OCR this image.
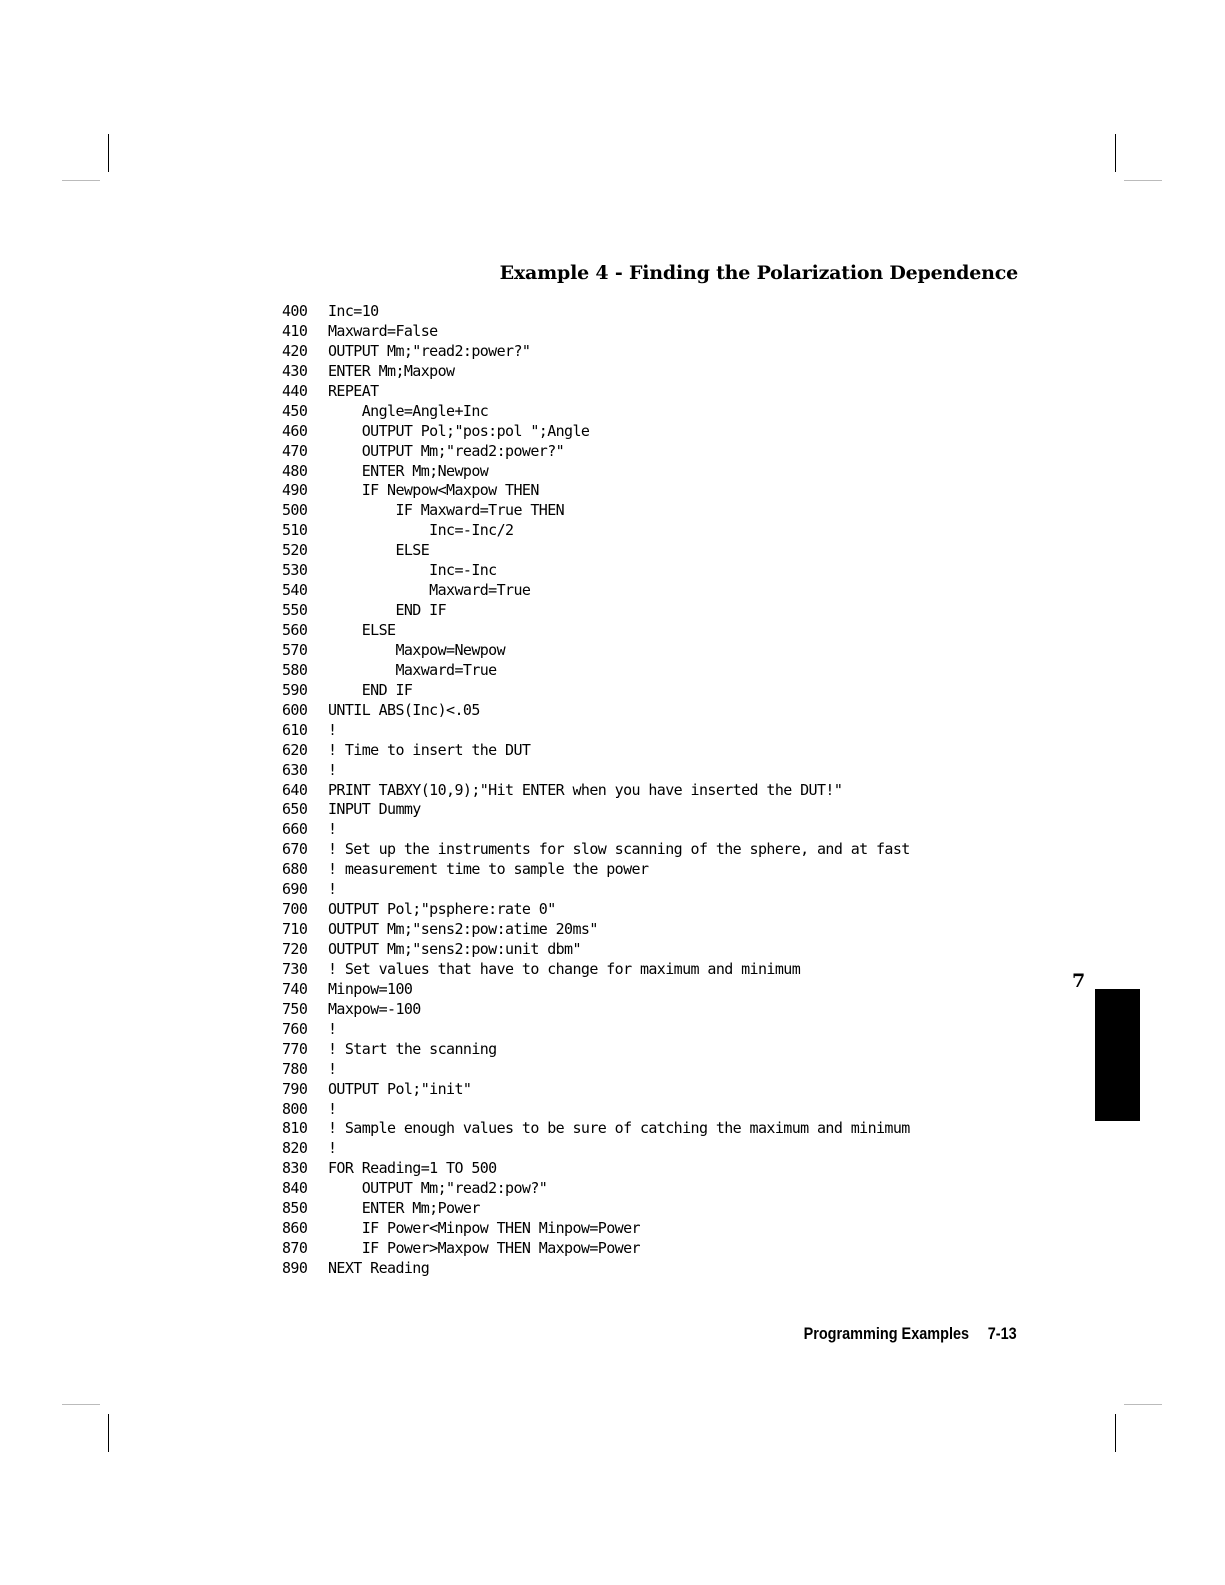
Example 4 - Finding the Polarization Dependence
400 Inc=10
410 Maxward=False
420 OUTPUT Mm;"read2:power?"
430 ENTER Mm;Maxpow
440 REPEAT
450    Angle=Angle+Inc
460    OUTPUT Pol;"pos:pol ";Angle
470    OUTPUT Mm;"read2:power?"
480    ENTER Mm;Newpow
490    IF Newpow<Maxpow THEN
500        IF Maxward=True THEN
510            Inc=-Inc/2
520        ELSE
530            Inc=-Inc
540            Maxward=True
550        END IF
560    ELSE
570        Maxpow=Newpow
580        Maxward=True
590    END IF
600 UNTIL ABS(Inc)<.05
610 !
620 ! Time to insert the DUT
630 !
640 PRINT TABXY(10,9);"Hit ENTER when you have inserted the DUT!"
650 INPUT Dummy
660 !
670 ! Set up the instruments for slow scanning of the sphere, and at fast
680 ! measurement time to sample the power
690 !
700 OUTPUT Pol;"psphere:rate 0"
710 OUTPUT Mm;"sens2:pow:atime 20ms"
720 OUTPUT Mm;"sens2:pow:unit dbm"
730 ! Set values that have to change for maximum and minimum
740 Minpow=100
750 Maxpow=-100
760 !
770 ! Start the scanning
780 !
790 OUTPUT Pol;"init"
800 !
810 ! Sample enough values to be sure of catching the maximum and minimum
820 !
830 FOR Reading=1 TO 500
840    OUTPUT Mm;"read2:pow?"
850    ENTER Mm;Power
860    IF Power<Minpow THEN Minpow=Power
870    IF Power>Maxpow THEN Maxpow=Power
890 NEXT Reading
7
Programming Examples 7-13
